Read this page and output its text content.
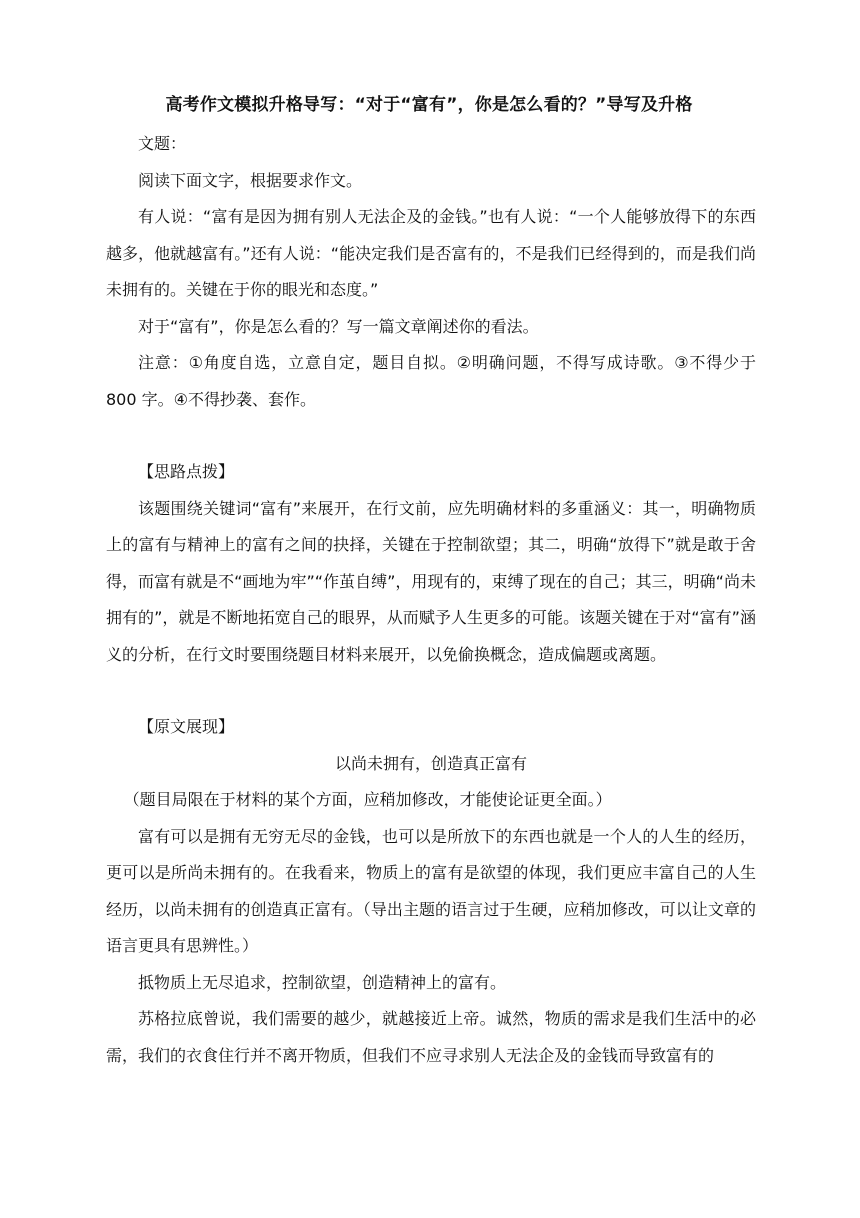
高考作文模拟升格导写：“对于“富有”，你是怎么看的？”导写及升格

文题：

阅读下面文字，根据要求作文。

有人说：“富有是因为拥有别人无法企及的金钱。”也有人说：“一个人能够放得下的东西越多，他就越富有。”还有人说：“能决定我们是否富有的，不是我们已经得到的，而是我们尚未拥有的。关键在于你的眼光和态度。”

对于“富有”，你是怎么看的？写一篇文章阐述你的看法。

注意：①角度自选，立意自定，题目自拟。②明确问题，不得写成诗歌。③不得少于 800 字。④不得抄袭、套作。

【思路点拨】

该题围绕关键词“富有”来展开，在行文前，应先明确材料的多重涵义：其一，明确物质上的富有与精神上的富有之间的抉择，关键在于控制欲望；其二，明确“放得下”就是敢于舍得，而富有就是不“画地为牢”“作茧自缚”，用现有的，束缚了现在的自己；其三，明确“尚未拥有的”，就是不断地拓宽自己的眼界，从而赋予人生更多的可能。该题关键在于对“富有”涵义的分析，在行文时要围绕题目材料来展开，以免偷换概念，造成偏题或离题。

【原文展现】

以尚未拥有，创造真正富有

（题目局限在于材料的某个方面，应稍加修改，才能使论证更全面。）

富有可以是拥有无穷无尽的金钱，也可以是所放下的东西也就是一个人的人生的经历，更可以是所尚未拥有的。在我看来，物质上的富有是欲望的体现，我们更应丰富自己的人生经历，以尚未拥有的创造真正富有。（导出主题的语言过于生硬，应稍加修改，可以让文章的语言更具有思辨性。）

抵物质上无尽追求，控制欲望，创造精神上的富有。

苏格拉底曾说，我们需要的越少，就越接近上帝。诚然，物质的需求是我们生活中的必需，我们的衣食住行并不离开物质，但我们不应寻求别人无法企及的金钱而导致富有的
